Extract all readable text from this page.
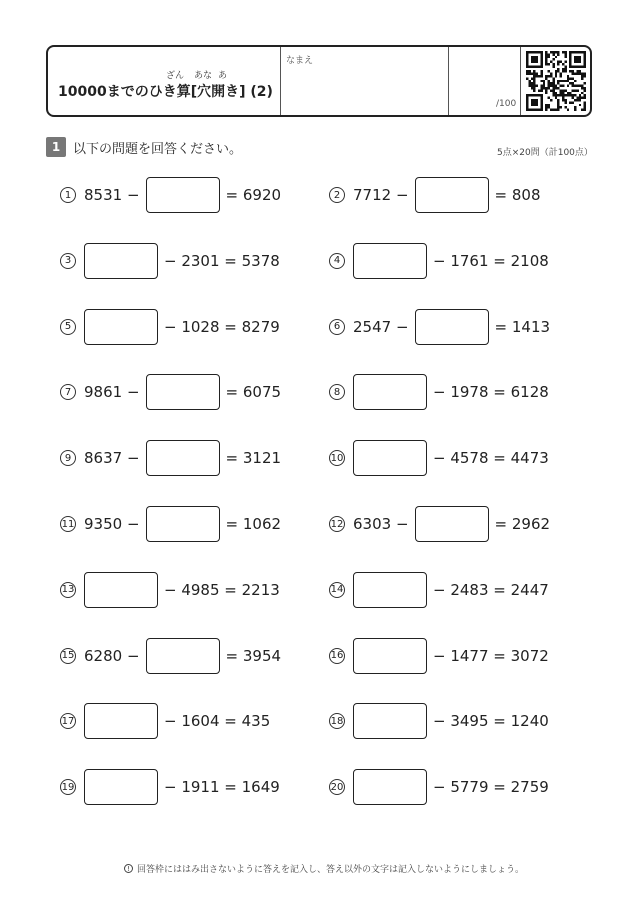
ざん あな あ
10000までのひき算[穴開き] (2)
なまえ
/100
1 以下の問題を回答ください。	5点×20問（計100点）
1 8531 −	= 6920	2 7712 −	= 808
3	− 2301 = 5378	4	− 1761 = 2108
5	− 1028 = 8279	6 2547 −	= 1413
7 9861 −	= 6075	8	− 1978 = 6128
9 8637 −	= 3121	10	− 4578 = 4473
11 9350 −	= 1062	12 6303 −	= 2962
13	− 4985 = 2213	14	− 2483 = 2447
15 6280 −	= 3954	16	− 1477 = 3072
17	− 1604 = 435	18	− 3495 = 1240
19	− 1911 = 1649	20	− 5779 = 2759
! 回答枠にははみ出さないように答えを記入し、答え以外の文字は記入しないようにしましょう。
